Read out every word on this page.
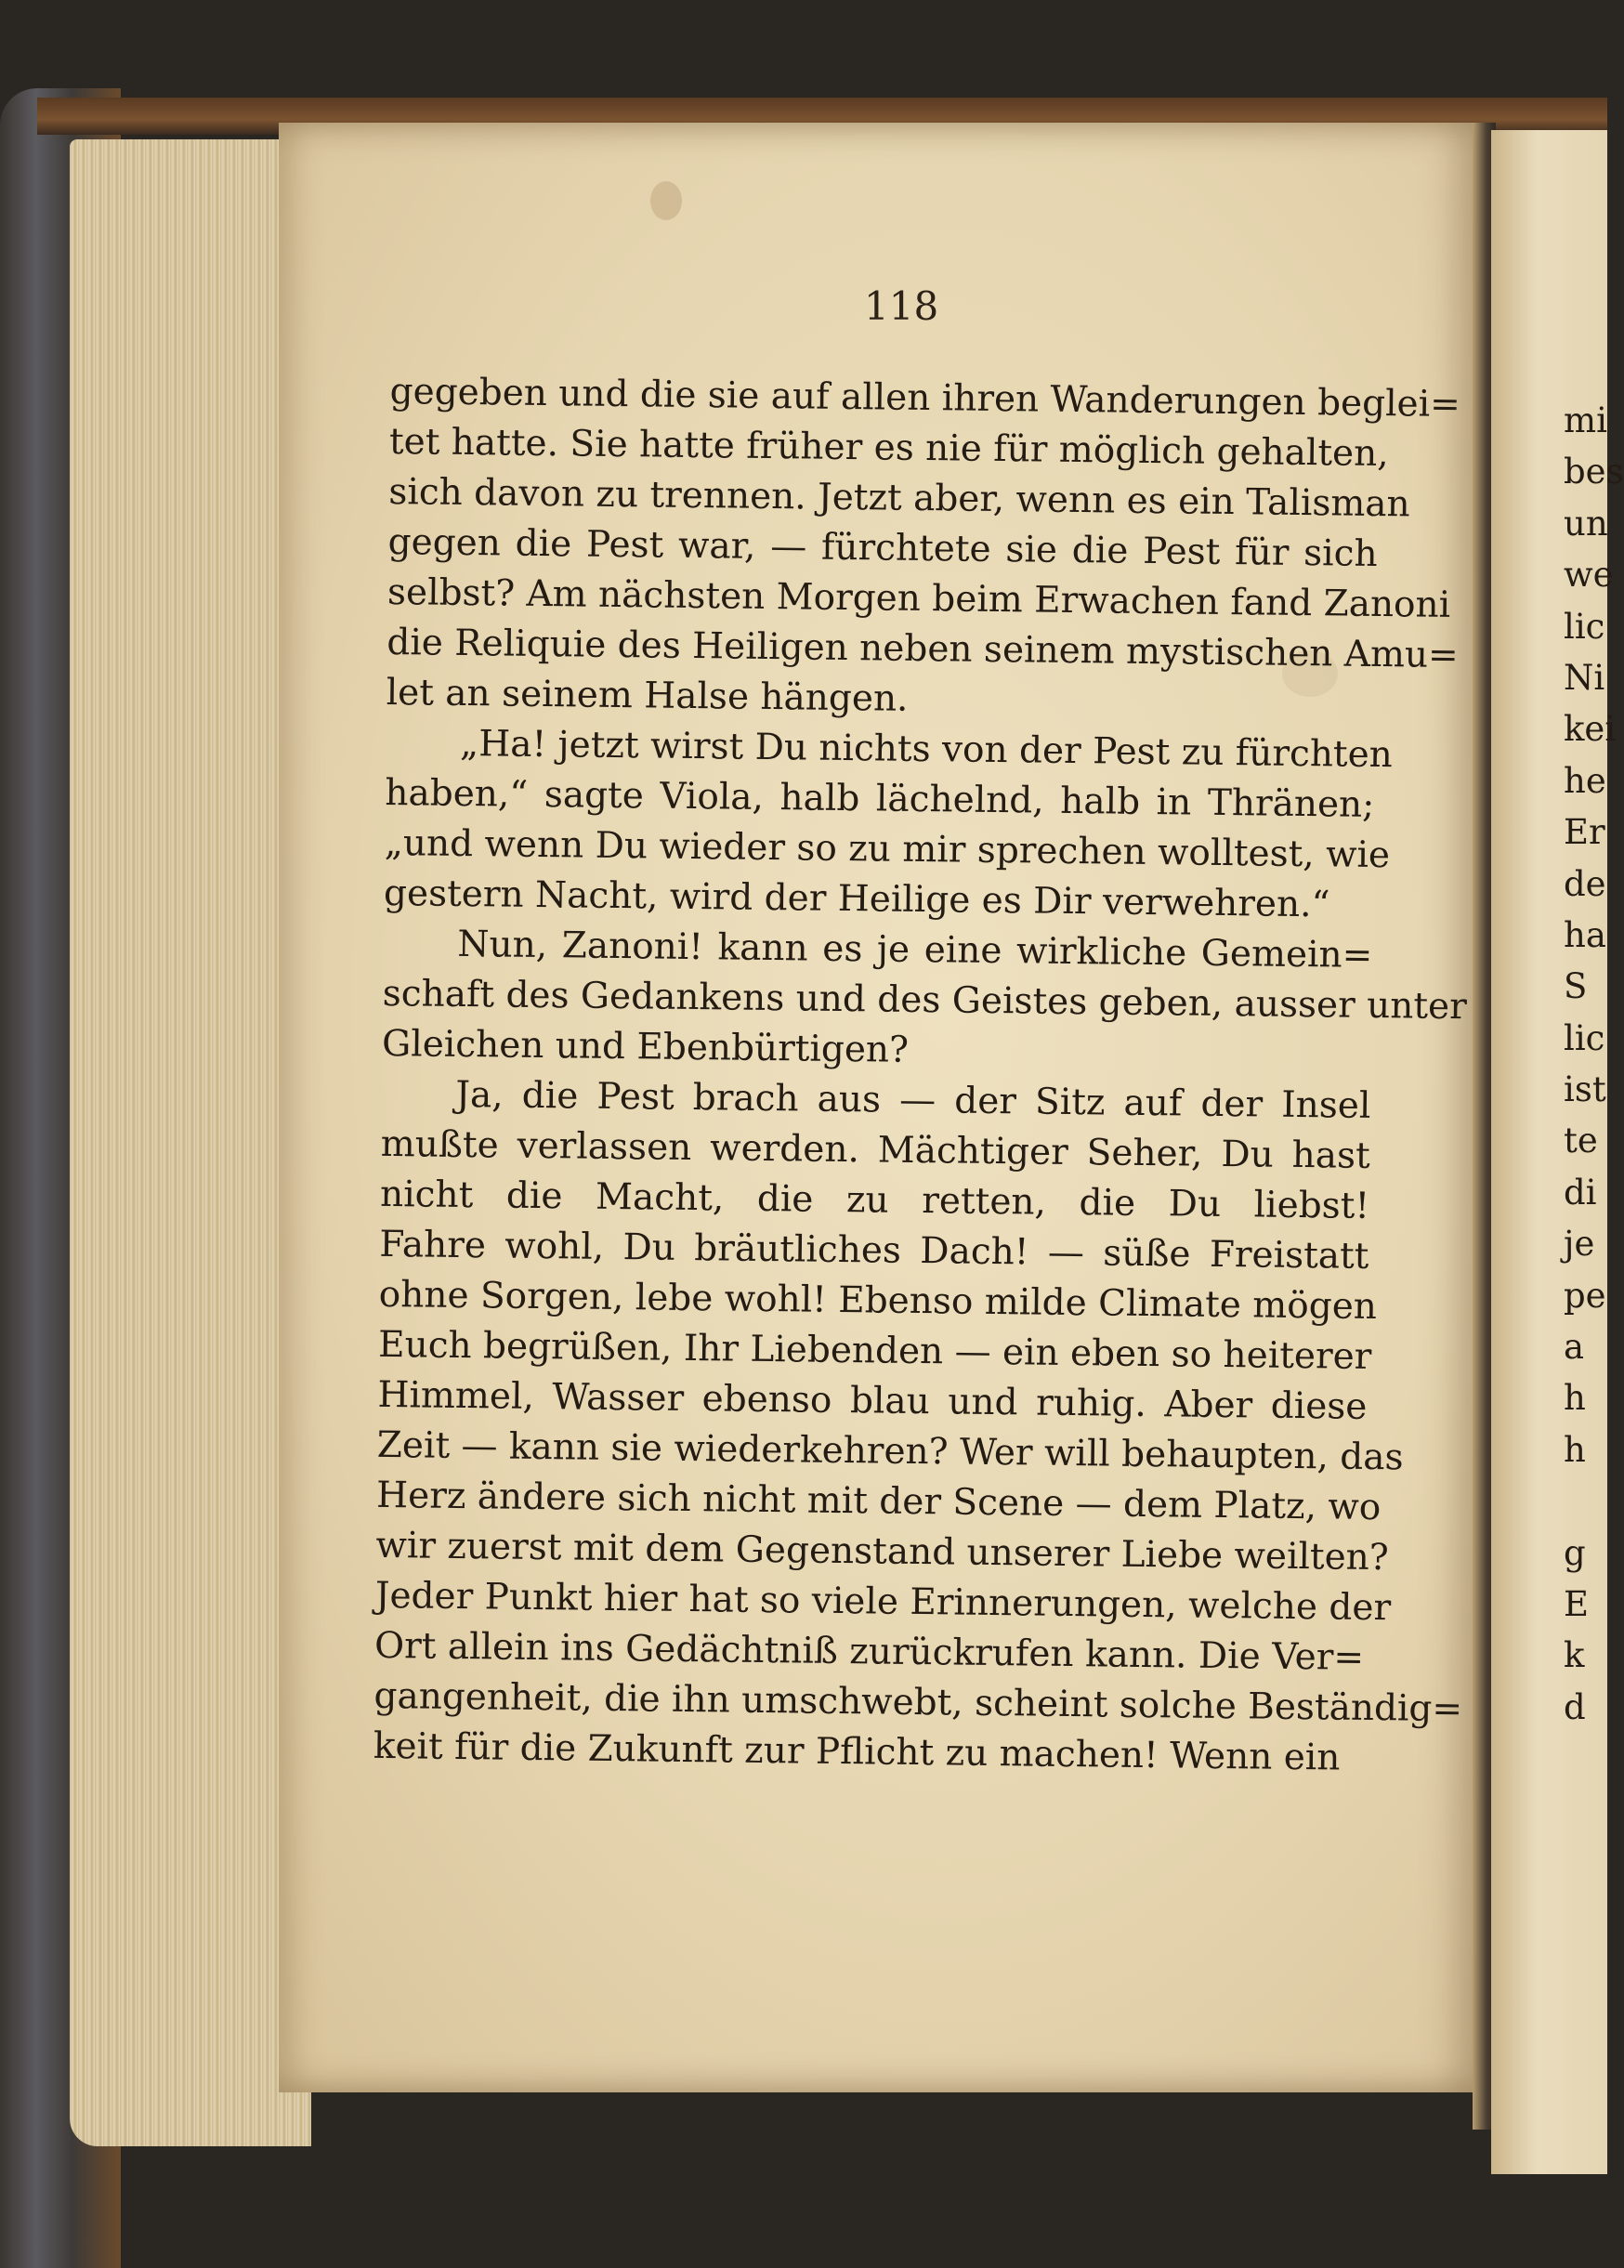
118
gegeben und die sie auf allen ihren Wanderungen beglei=
tet hatte. Sie hatte früher es nie für möglich gehalten,
sich davon zu trennen. Jetzt aber, wenn es ein Talisman
gegen die Pest war, — fürchtete sie die Pest für sich
selbst? Am nächsten Morgen beim Erwachen fand Zanoni
die Reliquie des Heiligen neben seinem mystischen Amu=
let an seinem Halse hängen.
„Ha! jetzt wirst Du nichts von der Pest zu fürchten
haben,“ sagte Viola, halb lächelnd, halb in Thränen;
„und wenn Du wieder so zu mir sprechen wolltest, wie
gestern Nacht, wird der Heilige es Dir verwehren.“
Nun, Zanoni! kann es je eine wirkliche Gemein=
schaft des Gedankens und des Geistes geben, ausser unter
Gleichen und Ebenbürtigen?
Ja, die Pest brach aus — der Sitz auf der Insel
mußte verlassen werden. Mächtiger Seher, Du hast
nicht die Macht, die zu retten, die Du liebst!
Fahre wohl, Du bräutliches Dach! — süße Freistatt
ohne Sorgen, lebe wohl! Ebenso milde Climate mögen
Euch begrüßen, Ihr Liebenden — ein eben so heiterer
Himmel, Wasser ebenso blau und ruhig. Aber diese
Zeit — kann sie wiederkehren? Wer will behaupten, das
Herz ändere sich nicht mit der Scene — dem Platz, wo
wir zuerst mit dem Gegenstand unserer Liebe weilten?
Jeder Punkt hier hat so viele Erinnerungen, welche der
Ort allein ins Gedächtniß zurückrufen kann. Die Ver=
gangenheit, die ihn umschwebt, scheint solche Beständig=
keit für die Zukunft zur Pflicht zu machen! Wenn ein
mi
bes
un
we
lic
Ni
kei
he
Er
de
ha
S
lic
ist
te
di
je
pe
a
h
h
g
E
k
d
